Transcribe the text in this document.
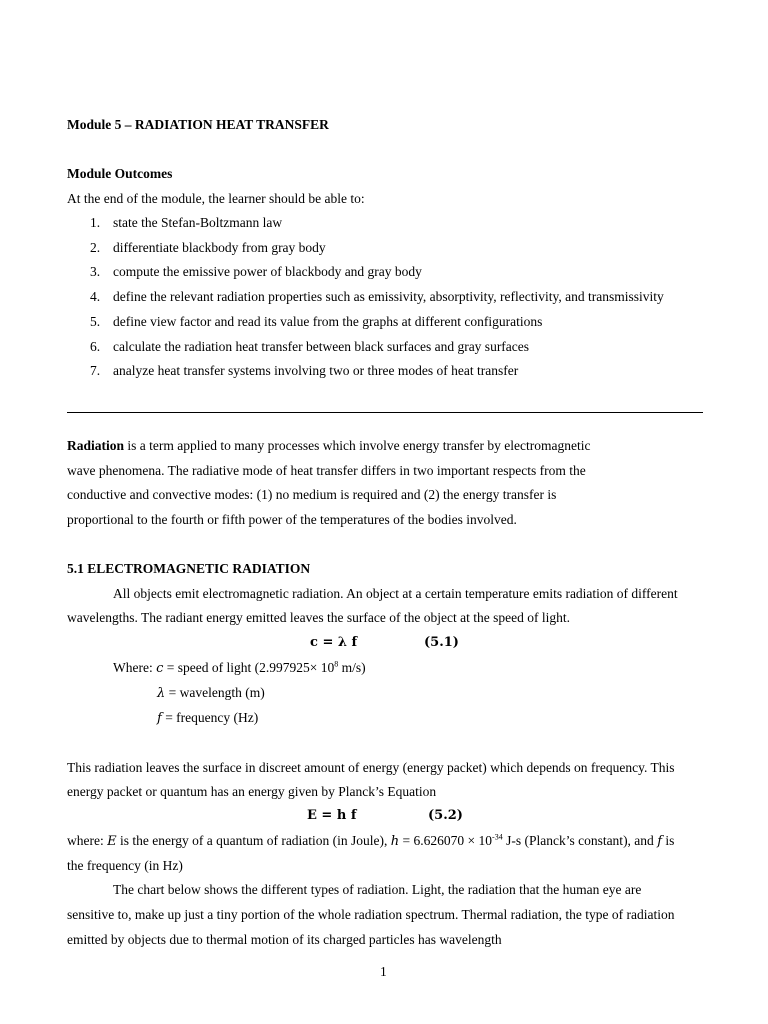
Module 5 – RADIATION HEAT TRANSFER
Module Outcomes
At the end of the module, the learner should be able to:
1. state the Stefan-Boltzmann law
2. differentiate blackbody from gray body
3. compute the emissive power of blackbody and gray body
4. define the relevant radiation properties such as emissivity, absorptivity, reflectivity, and transmissivity
5. define view factor and read its value from the graphs at different configurations
6. calculate the radiation heat transfer between black surfaces and gray surfaces
7. analyze heat transfer systems involving two or three modes of heat transfer
Radiation is a term applied to many processes which involve energy transfer by electromagnetic
wave phenomena. The radiative mode of heat transfer differs in two important respects from the
conductive and convective modes: (1) no medium is required and (2) the energy transfer is
proportional to the fourth or fifth power of the temperatures of the bodies involved.
5.1 ELECTROMAGNETIC RADIATION
All objects emit electromagnetic radiation. An object at a certain temperature emits radiation of different
wavelengths. The radiant energy emitted leaves the surface of the object at the speed of light.
c = λ f	(5.1)
Where: c = speed of light ($2.997925\times 10^8$ m/s)
λ = wavelength (m)
f = frequency (Hz)
This radiation leaves the surface in discreet amount of energy (energy packet) which depends on frequency. This
energy packet or quantum has an energy given by Planck’s Equation
E = h f	(5.2)
where: E is the energy of a quantum of radiation (in Joule), $h = 6.626070 \times 10^{-34}$ J-s (Planck’s constant), and f is
the frequency (in Hz)
The chart below shows the different types of radiation. Light, the radiation that the human eye are
sensitive to, make up just a tiny portion of the whole radiation spectrum. Thermal radiation, the type of radiation
emitted by objects due to thermal motion of its charged particles has wavelength
1
